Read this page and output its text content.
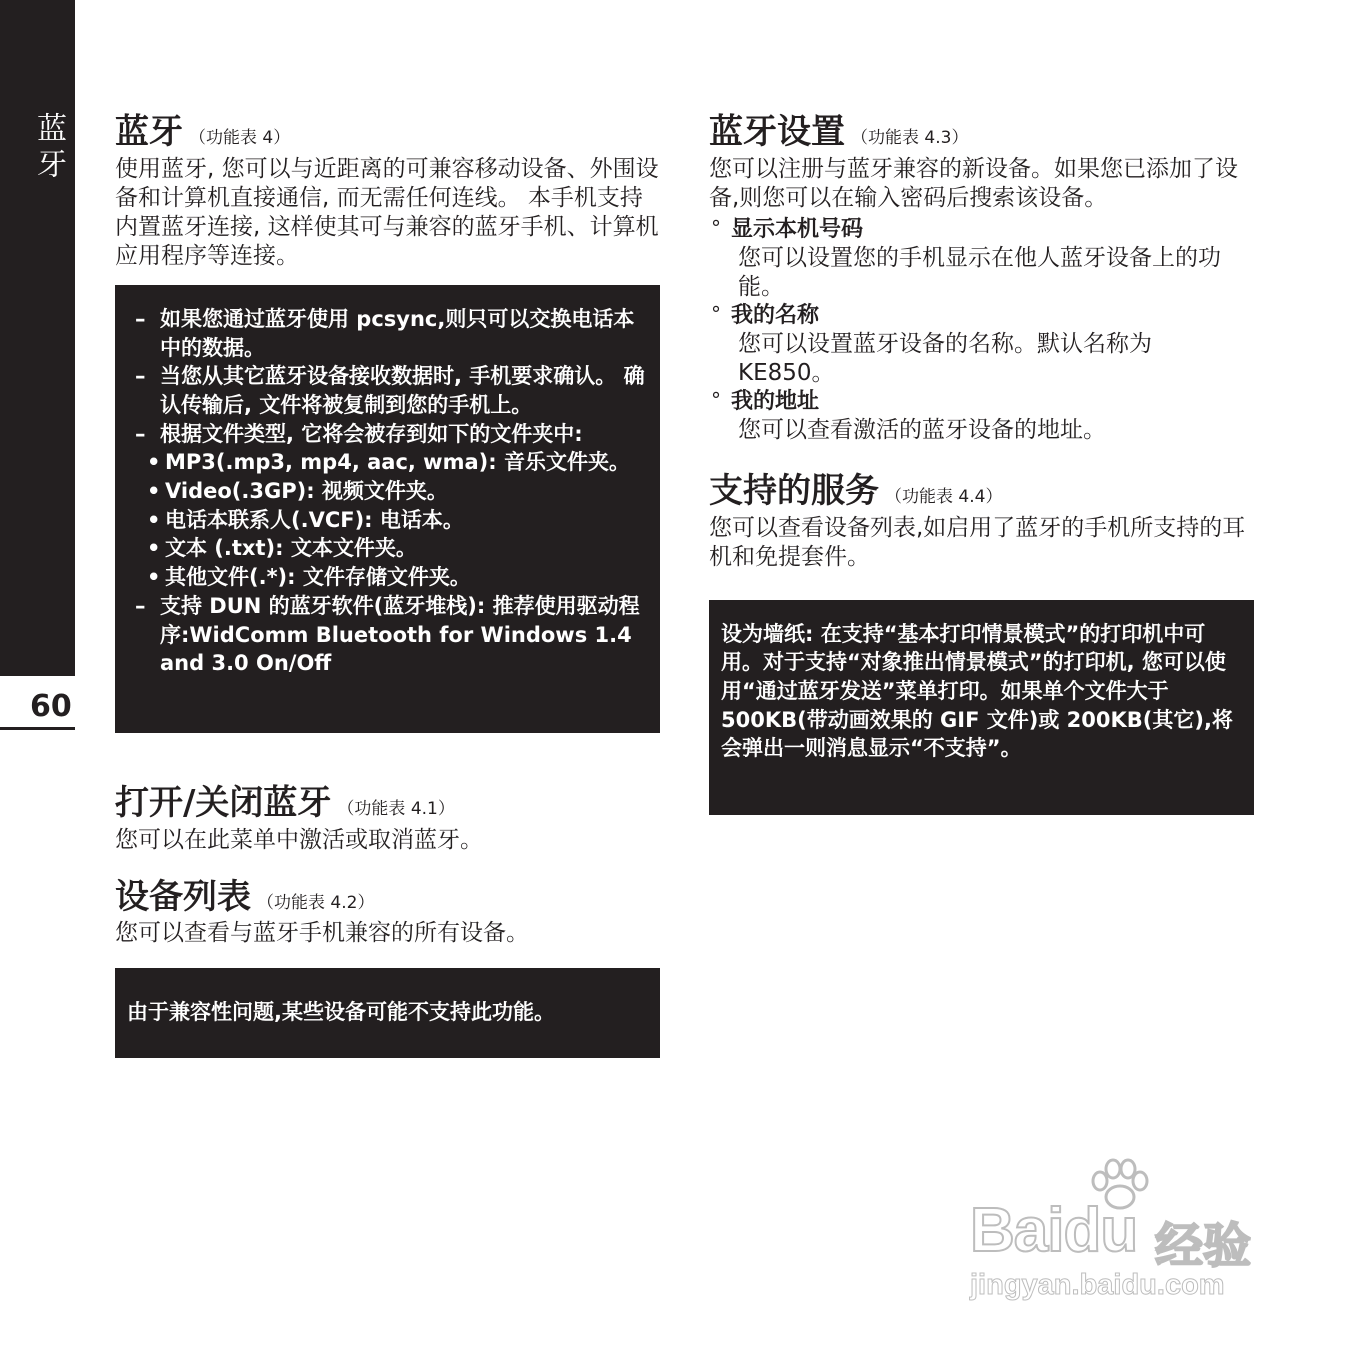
蓝牙
60
蓝牙 （功能表 4）

使用蓝牙, 您可以与近距离的可兼容移动设备、外围设备和计算机直接通信, 而无需任何连线。 本手机支持内置蓝牙连接, 这样使其可与兼容的蓝牙手机、计算机应用程序等连接。

– 如果您通过蓝牙使用 pcsync,则只可以交换电话本中的数据。
– 当您从其它蓝牙设备接收数据时, 手机要求确认。 确认传输后, 文件将被复制到您的手机上。
– 根据文件类型, 它将会被存到如下的文件夹中:
• MP3(.mp3, mp4, aac, wma): 音乐文件夹。
• Video(.3GP): 视频文件夹。
• 电话本联系人(.VCF): 电话本。
• 文本 (.txt): 文本文件夹。
• 其他文件(.*): 文件存储文件夹。
– 支持 DUN 的蓝牙软件(蓝牙堆栈): 推荐使用驱动程序:WidComm Bluetooth for Windows 1.4 and 3.0 On/Off
打开/关闭蓝牙 （功能表 4.1）

您可以在此菜单中激活或取消蓝牙。

设备列表 （功能表 4.2）

您可以查看与蓝牙手机兼容的所有设备。

由于兼容性问题,某些设备可能不支持此功能。
蓝牙设置 （功能表 4.3）

您可以注册与蓝牙兼容的新设备。如果您已添加了设备,则您可以在输入密码后搜索该设备。

° 显示本机号码
您可以设置您的手机显示在他人蓝牙设备上的功能。
° 我的名称
您可以设置蓝牙设备的名称。默认名称为 KE850。
° 我的地址
您可以查看激活的蓝牙设备的地址。
支持的服务 （功能表 4.4）

您可以查看设备列表,如启用了蓝牙的手机所支持的耳机和免提套件。

设为墙纸: 在支持“基本打印情景模式”的打印机中可用。对于支持“对象推出情景模式”的打印机, 您可以使用“通过蓝牙发送”菜单打印。如果单个文件大于 500KB(带动画效果的 GIF 文件)或 200KB(其它),将会弹出一则消息显示“不支持”。
Baidu 经验
jingyan.baidu.com
